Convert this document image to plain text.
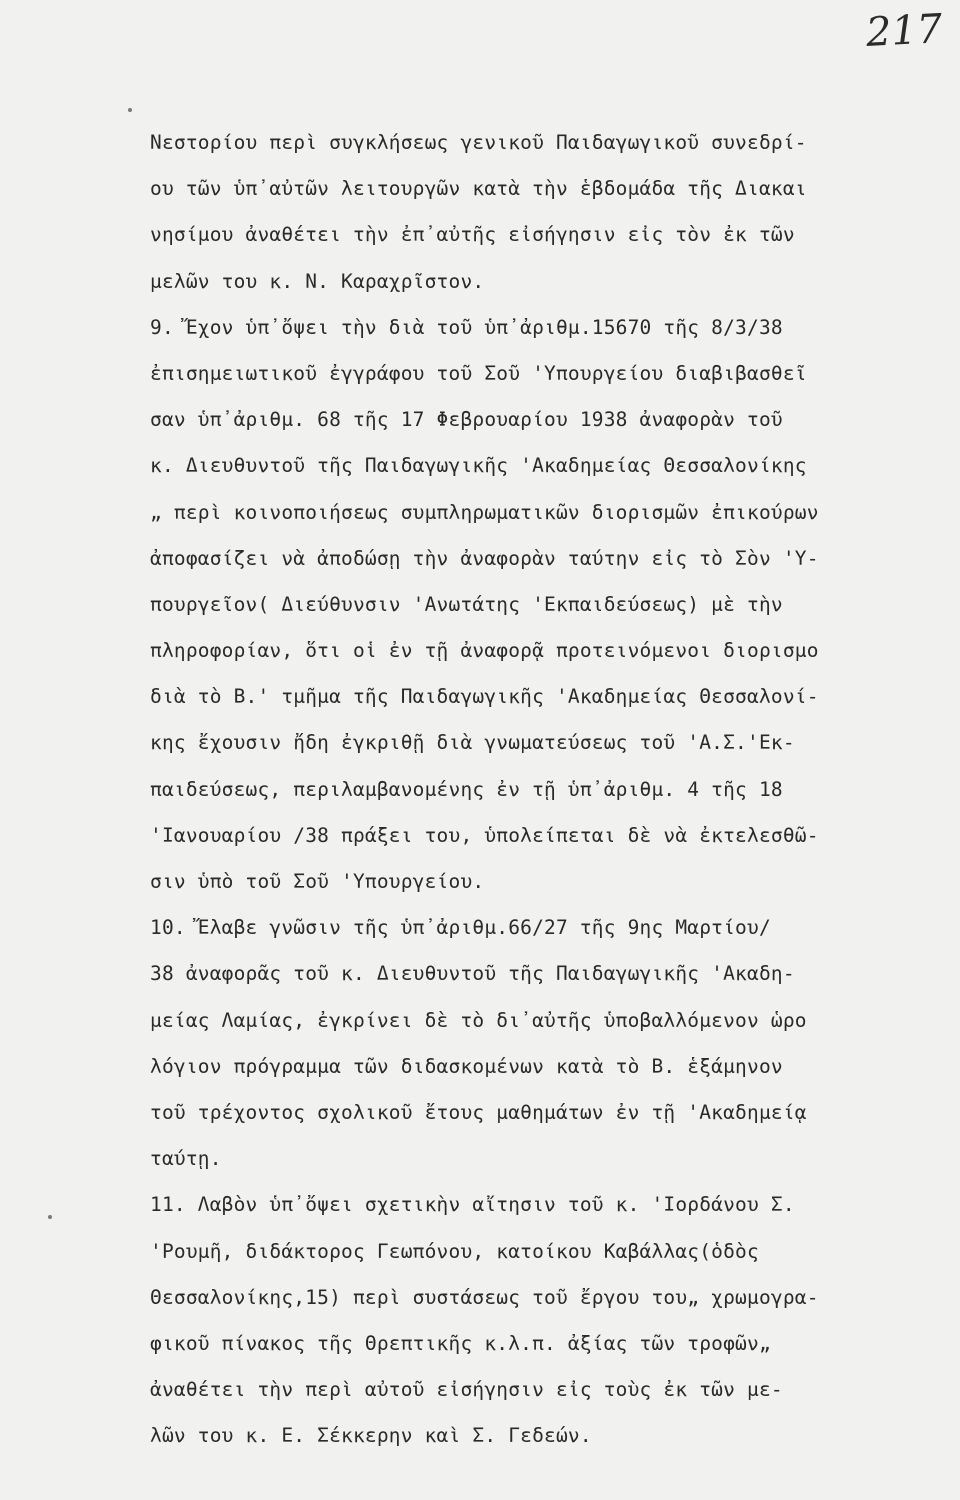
217
Νεστορίου περὶ συγκλήσεως γενικοῦ Παιδαγωγικοῦ συνεδρί-
ου τῶν ὑπ᾽αὐτῶν λειτουργῶν κατὰ τὴν ἑβδομάδα τῆς Διακαι
νησίμου ἀναθέτει τὴν ἐπ᾽αὐτῆς εἰσήγησιν εἰς τὸν ἐκ τῶν
μελῶν του κ. Ν. Καραχρῖστον.
9. Ἔχον ὑπ᾽ὄψει τὴν διὰ τοῦ ὑπ᾽ἀριθμ.15670 τῆς 8/3/38
ἐπισημειωτικοῦ ἐγγράφου τοῦ Σοῦ 'Υπουργείου διαβιβασθεῖ
σαν ὑπ᾽ἀριθμ. 68 τῆς 17 Φεβρουαρίου 1938 ἀναφορὰν τοῦ
κ. Διευθυντοῦ τῆς Παιδαγωγικῆς 'Ακαδημείας Θεσσαλονίκης
„ περὶ κοινοποιήσεως συμπληρωματικῶν διορισμῶν ἐπικούρων
ἀποφασίζει νὰ ἀποδώσῃ τὴν ἀναφορὰν ταύτην εἰς τὸ Σὸν 'Υ-
πουργεῖον( Διεύθυνσιν 'Ανωτάτης 'Εκπαιδεύσεως) μὲ τὴν
πληροφορίαν, ὅτι οἱ ἐν τῇ ἀναφορᾷ προτεινόμενοι διορισμο
διὰ τὸ Β.' τμῆμα τῆς Παιδαγωγικῆς 'Ακαδημείας Θεσσαλονί-
κης ἔχουσιν ἤδη ἐγκριθῇ διὰ γνωματεύσεως τοῦ 'Α.Σ.'Εκ-
παιδεύσεως, περιλαμβανομένης ἐν τῇ ὑπ᾽ἀριθμ. 4 τῆς 18
'Ιανουαρίου /38 πράξει του, ὑπολείπεται δὲ νὰ ἐκτελεσθῶ-
σιν ὑπὸ τοῦ Σοῦ 'Υπουργείου.
10. Ἔλαβε γνῶσιν τῆς ὑπ᾽ἀριθμ.66/27 τῆς 9ης Μαρτίου/
38 ἀναφορᾶς τοῦ κ. Διευθυντοῦ τῆς Παιδαγωγικῆς 'Ακαδη-
μείας Λαμίας, ἐγκρίνει δὲ τὸ δι᾽αὐτῆς ὑποβαλλόμενον ὡρο
λόγιον πρόγραμμα τῶν διδασκομένων κατὰ τὸ Β. ἑξάμηνον
τοῦ τρέχοντος σχολικοῦ ἔτους μαθημάτων ἐν τῇ 'Ακαδημείᾳ
ταύτῃ.
11. Λαβὸν ὑπ᾽ὄψει σχετικὴν αἴτησιν τοῦ κ. 'Ιορδάνου Σ.
'Ρουμῆ, διδάκτορος Γεωπόνου, κατοίκου Καβάλλας(ὁδὸς
Θεσσαλονίκης,15) περὶ συστάσεως τοῦ ἔργου του„ χρωμογρα-
φικοῦ πίνακος τῆς Θρεπτικῆς κ.λ.π. ἀξίας τῶν τροφῶν„
ἀναθέτει τὴν περὶ αὐτοῦ εἰσήγησιν εἰς τοὺς ἐκ τῶν με-
λῶν του κ. Ε. Σέκκερην καὶ Σ. Γεδεών.
